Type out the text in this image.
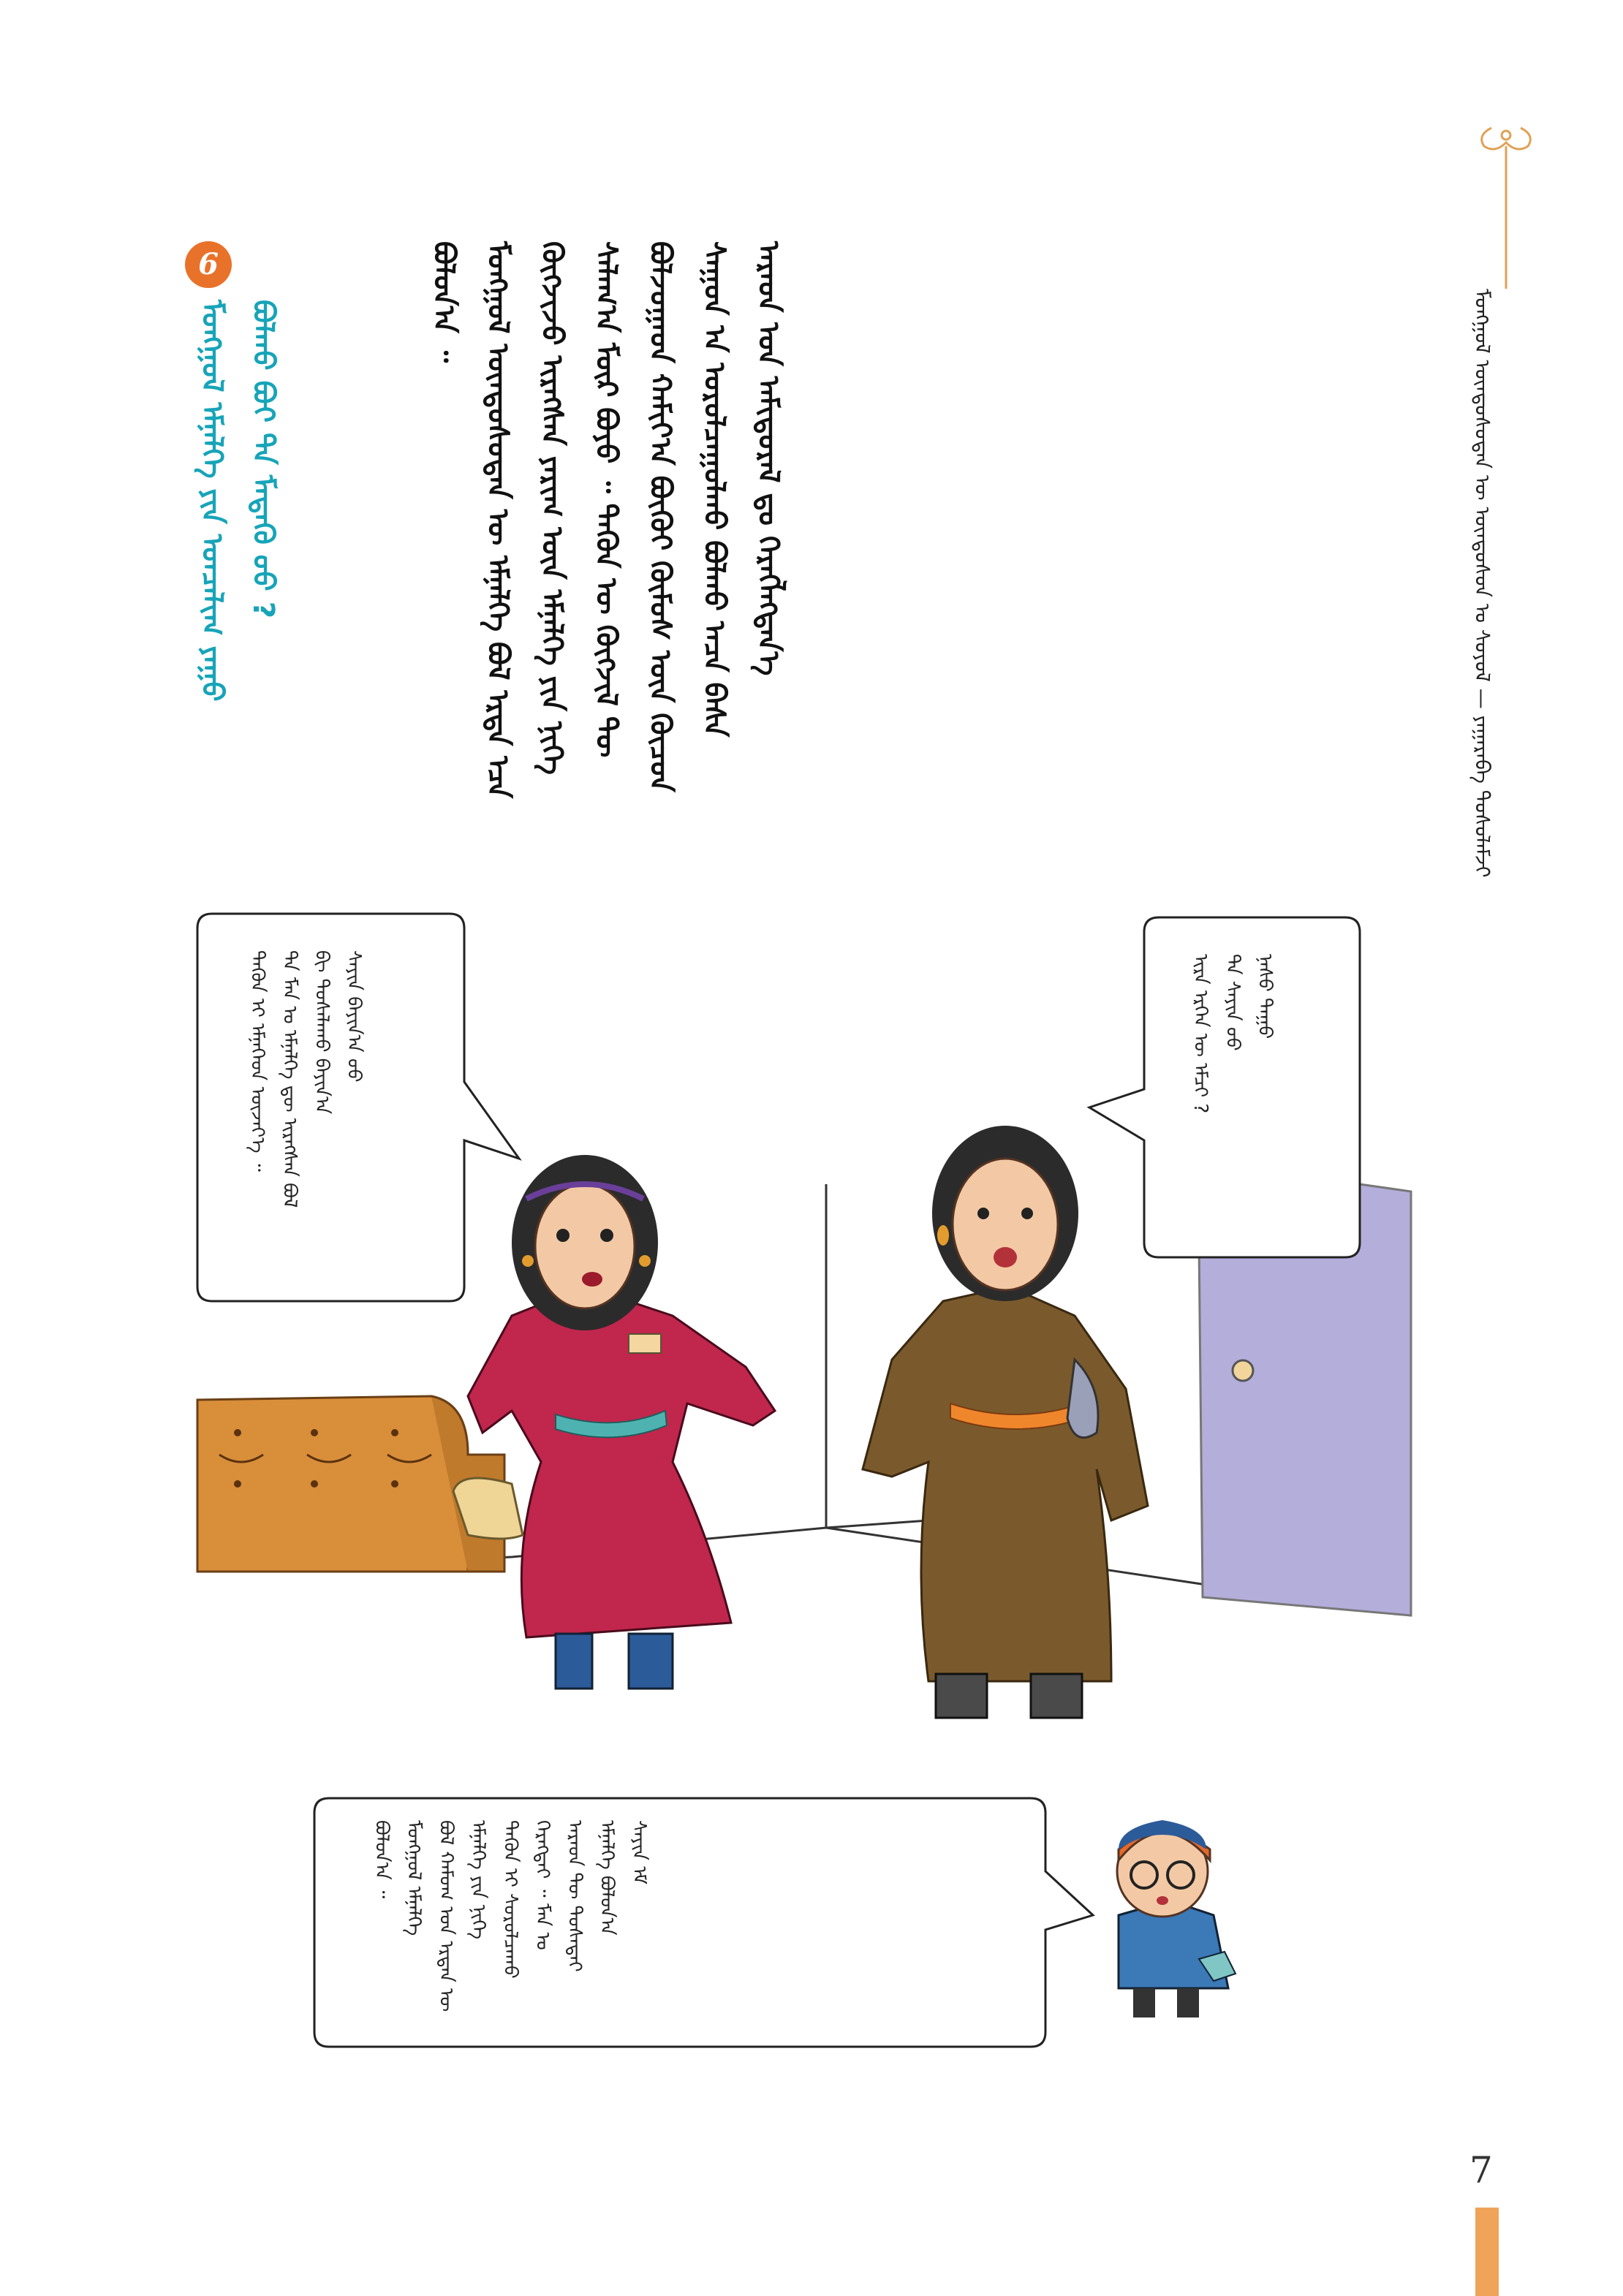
ᠮᠣᠩᠭᠣᠯ ᠦᠨᠳᠦᠰᠦᠲᠡᠨ ᠦ ᠦᠨᠳᠦᠰᠦᠨ ᠤ ᠰᠣᠶᠤᠯ — ᠶᠠᠭᠠᠷᠠᠪᠠ ᠳᠤᠰᠤᠯᠠᠮᠵᠢ
ᠪᠤᠯᠤᠨ᠎ᠠ ᠃ ᠮᠣᠩᠭᠣᠯ ᠦᠨᠳᠦᠰᠦᠲᠡᠨ ᠦ ᠡᠮᠨᠡᠯᠭᠡ ᠪᠣᠯ ᠡᠷᠲᠡ ᠡᠴᠡ ᠬᠥᠭᠵᠢᠵᠦ ᠢᠷᠡᠭᠰᠡᠨ ᠶᠠᠷᠢᠭ ᠦᠨ ᠡᠮᠨᠡᠯᠭᠡ ᠶᠢᠨ ᠨᠢᠭᠡ ᠰᠠᠯᠠᠭ᠎ᠠ ᠮᠥᠷ ᠪᠤᠶᠤ ᠃ ᠲᠡᠭᠦᠨ ᠦ ᠬᠥᠭᠵᠢᠯ ᠲᠦ ᠪᠣᠯᠵᠣᠭᠠᠳ ᠬᠠᠮᠢᠶ᠎ᠠ ᠪᠦᠬᠦᠢ ᠬᠥᠮᠦᠰ ᠦᠨ ᠬᠦᠴᠦᠨ ᠰᠠᠭᠤᠨ ᠠ ᠤᠷᠤᠯᠴᠠᠭᠤᠯᠬᠤ ᠪᠣᠯᠬᠤ ᠠᠴᠠ ᠪᠠᠰᠠ ᠠᠷᠠᠳ ᠤᠨ ᠠᠮᠢᠳᠤᠷᠠᠯ ᠳᠤ ᠬᠡᠷᠡᠭᠯᠡᠭᠳᠡᠨ᠎ᠡ
6
ᠮᠣᠩᠭᠣᠯ ᠡᠮᠨᠡᠯᠭᠡ ᠶᠢᠨ ᠣᠨᠴᠠᠯᠢᠭ ᠶᠠᠭᠤ ᠪᠣᠯᠬᠤ ᠪᠣᠢ ᠲᠠ ᠮᠡᠳᠡᠬᠦ ᠦᠦ ?
ᠢᠷᠡ ᠡᠷᠭᠡᠨ ᠦ ᠡᠮᠴᠢ ? ᠲᠠ ᠰᠠᠶᠢᠨ ᠤᠤ ᠨᠠᠰᠤ ᠳᠠᠭᠤ
ᠲᠡᠭᠦᠨ ᠢ ᠡᠮᠨᠡᠭᠡᠳ ᠦᠵᠡᠶ᠎ᠡ ᠃ ᠲᠠ ᠮᠠᠨ ᠤ ᠡᠮᠨᠡᠯᠭᠡ ᠳᠦ ᠢᠷᠡᠭᠰᠡᠨ ᠪᠣᠯ ᠪᠢ ᠳᠤᠰᠠᠯᠠᠬᠤ ᠪᠠᠶᠢᠨ᠎ᠠ ᠰᠠᠶᠢᠨ ᠪᠠᠶᠢᠨ᠎ᠠ ᠤᠤ
ᠪᠣᠯᠤᠨ᠎ᠠ ᠃ ᠮᠣᠩᠭᠣᠯ ᠡᠮᠨᠡᠯᠭᠡ ᠪᠣᠯ ᠬᠠᠮᠤᠭ ᠤᠨ ᠡᠷᠲᠡᠨ ᠦ ᠡᠮᠨᠡᠯᠭᠡ ᠶᠢᠨ ᠨᠢᠭᠡ ᠲᠡᠭᠦᠨ ᠢ ᠰᠤᠷᠤᠯᠴᠠᠬᠤ ᠬᠡᠷᠡᠭᠲᠡᠢ ᠃ ᠮᠠᠨ ᠤ ᠠᠷᠠᠳ ᠲᠦ ᠲᠤᠰᠠᠲᠠᠢ ᠡᠮᠨᠡᠯᠭᠡ ᠪᠣᠯᠤᠨ᠎ᠠ ᠰᠠᠶᠢᠨ ᠡᠮ
7
